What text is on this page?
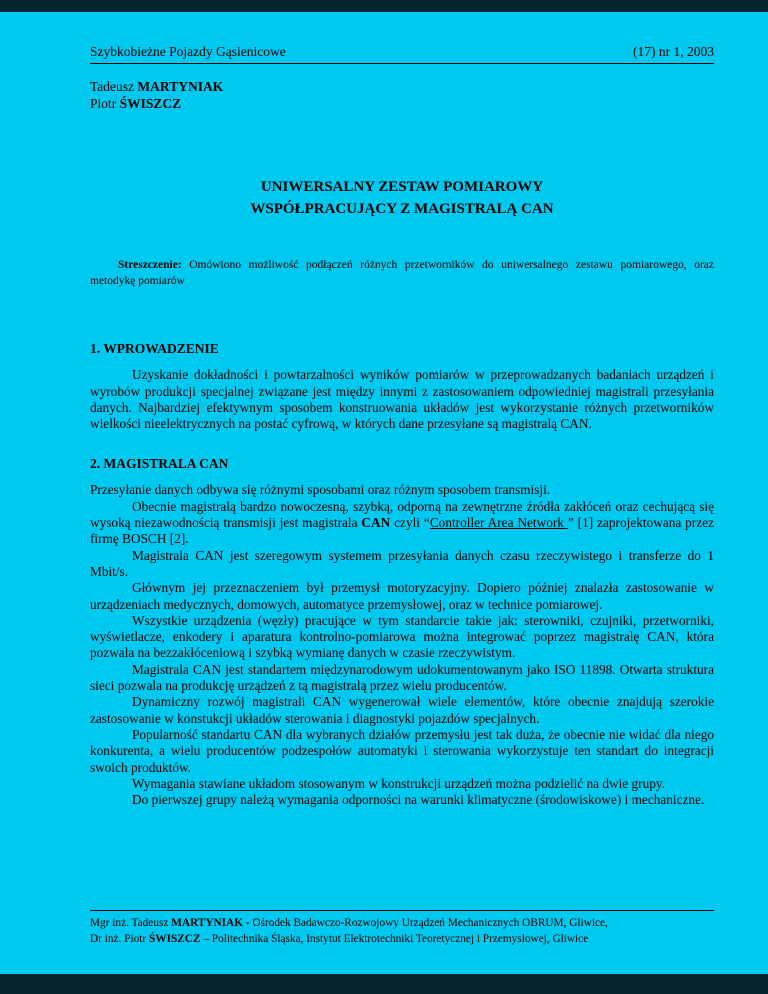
Szybkobieżne Pojazdy Gąsienicowe	(17) nr 1, 2003
Tadeusz MARTYNIAK
Piotr ŚWISZCZ
UNIWERSALNY ZESTAW POMIAROWY
WSPÓŁPRACUJĄCY Z MAGISTRALĄ CAN

Streszczenie: Omówiono możliwość podłączeń różnych przetworników do uniwersalnego zestawu pomiarowego, oraz metodykę pomiarów

1. WPROWADZENIE

Uzyskanie dokładności i powtarzalności wyników pomiarów w przeprowadzanych badaniach urządzeń i wyrobów produkcji specjalnej związane jest między innymi z zastosowaniem odpowiedniej magistrali przesyłania danych. Najbardziej efektywnym sposobem konstruowania układów jest wykorzystanie różnych przetworników wielkości nieelektrycznych na postać cyfrową, w których dane przesyłane są magistralą CAN.

2. MAGISTRALA CAN

Przesyłanie danych odbywa się różnymi sposobami oraz różnym sposobem transmisji.

Obecnie magistralą bardzo nowoczesną, szybką, odporną na zewnętrzne źródła zakłóceń oraz cechującą się wysoką niezawodnością transmisji jest magistrala CAN czyli “Controller Area Network ” [1] zaprojektowana przez firmę BOSCH [2].

Magistrala CAN jest szeregowym systemem przesyłania danych czasu rzeczywistego i transferze do 1 Mbit/s.

Głównym jej przeznaczeniem był przemysł motoryzacyjny. Dopiero później znalazła zastosowanie w urządzeniach medycznych, domowych, automatyce przemysłowej, oraz w technice pomiarowej.

Wszystkie urządzenia (węzły) pracujące w tym standarcie takie jak: sterowniki, czujniki, przetworniki, wyświetlacze, enkodery i aparatura kontrolno-pomiarowa można integrować poprzez magistralę CAN, która pozwala na bezzakłóceniową i szybką wymianę danych w czasie rzeczywistym.

Magistrala CAN jest standartem międzynarodowym udokumentowanym jako ISO 11898. Otwarta struktura sieci pozwala na produkcję urządzeń z tą magistralą przez wielu producentów.

Dynamiczny rozwój magistrali CAN wygenerował wiele elementów, które obecnie znajdują szerokie zastosowanie w konstukcji układów sterowania i diagnostyki pojazdów specjalnych.

Popularność standartu CAN dla wybranych działów przemysłu jest tak duża, że obecnie nie widać dla niego konkurenta, a wielu producentów podzespołów automatyki i sterowania wykorzystuje ten standart do integracji swoich produktów.

Wymagania stawiane układom stosowanym w konstrukcji urządzeń można podzielić na dwie grupy.

Do pierwszej grupy należą wymagania odporności na warunki klimatyczne (środowiskowe) i mechaniczne.

Mgr inż. Tadeusz MARTYNIAK - Ośrodek Badawczo-Rozwojowy Urządzeń Mechanicznych OBRUM, Gliwice,
Dr inż. Piotr ŚWISZCZ – Politechnika Śląska, Instytut Elektrotechniki Teoretycznej i Przemysłowej, Gliwice
